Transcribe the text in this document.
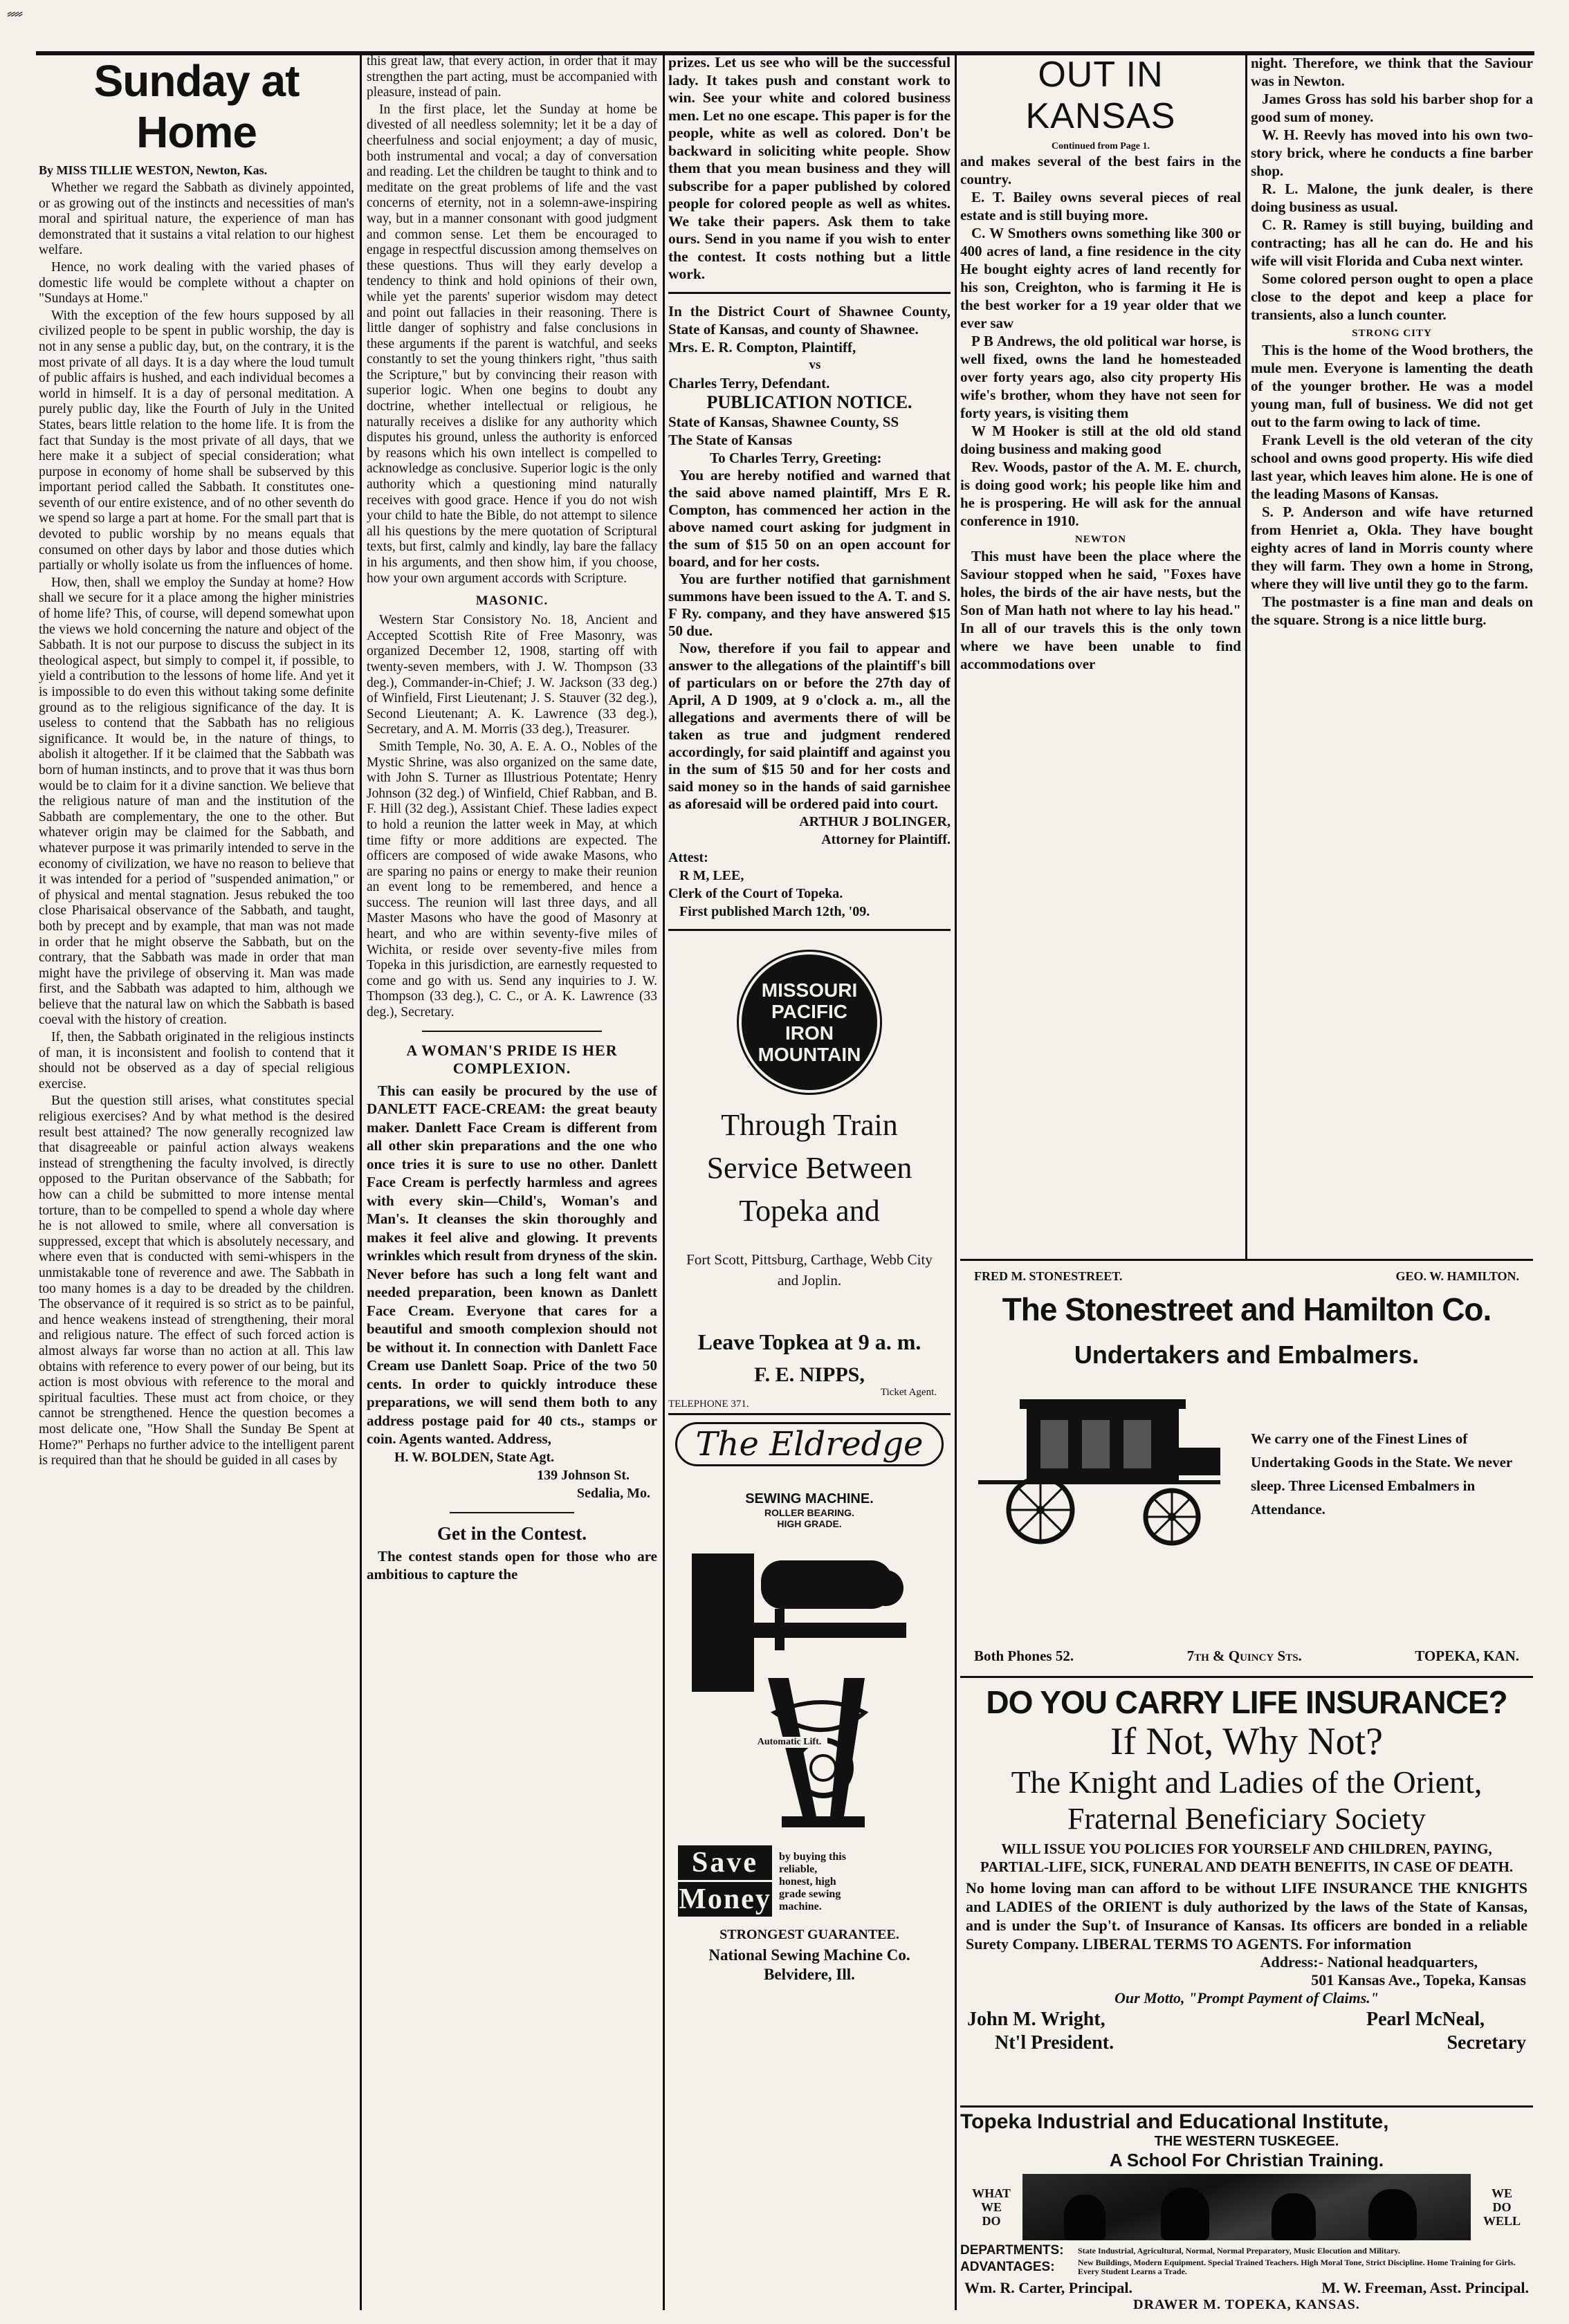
⸗⸗⸗⸗
Sunday at Home
By MISS TILLIE WESTON, Newton, Kas.

Whether we regard the Sabbath as divinely appointed, or as growing out of the instincts and necessities of man's moral and spiritual nature, the experience of man has demonstrated that it sustains a vital relation to our highest welfare.

Hence, no work dealing with the varied phases of domestic life would be complete without a chapter on "Sundays at Home."

With the exception of the few hours supposed by all civilized people to be spent in public worship, the day is not in any sense a public day, but, on the contrary, it is the most private of all days. It is a day where the loud tumult of public affairs is hushed, and each individual becomes a world in himself. It is a day of personal meditation. A purely public day, like the Fourth of July in the United States, bears little relation to the home life. It is from the fact that Sunday is the most private of all days, that we here make it a subject of special consideration; what purpose in economy of home shall be subserved by this important period called the Sabbath. It constitutes one-seventh of our entire existence, and of no other seventh do we spend so large a part at home. For the small part that is devoted to public worship by no means equals that consumed on other days by labor and those duties which partially or wholly isolate us from the influences of home.

How, then, shall we employ the Sunday at home? How shall we secure for it a place among the higher ministries of home life? This, of course, will depend somewhat upon the views we hold concerning the nature and object of the Sabbath. It is not our purpose to discuss the subject in its theological aspect, but simply to compel it, if possible, to yield a contribution to the lessons of home life. And yet it is impossible to do even this without taking some definite ground as to the religious significance of the day. It is useless to contend that the Sabbath has no religious significance. It would be, in the nature of things, to abolish it altogether. If it be claimed that the Sabbath was born of human instincts, and to prove that it was thus born would be to claim for it a divine sanction. We believe that the religious nature of man and the institution of the Sabbath are complementary, the one to the other. But whatever origin may be claimed for the Sabbath, and whatever purpose it was primarily intended to serve in the economy of civilization, we have no reason to believe that it was intended for a period of "suspended animation," or of physical and mental stagnation. Jesus rebuked the too close Pharisaical observance of the Sabbath, and taught, both by precept and by example, that man was not made in order that he might observe the Sabbath, but on the contrary, that the Sabbath was made in order that man might have the privilege of observing it. Man was made first, and the Sabbath was adapted to him, although we believe that the natural law on which the Sabbath is based coeval with the history of creation.

If, then, the Sabbath originated in the religious instincts of man, it is inconsistent and foolish to contend that it should not be observed as a day of special religious exercise.

But the question still arises, what constitutes special religious exercises? And by what method is the desired result best attained? The now generally recognized law that disagreeable or painful action always weakens instead of strengthening the faculty involved, is directly opposed to the Puritan observance of the Sabbath; for how can a child be submitted to more intense mental torture, than to be compelled to spend a whole day where he is not allowed to smile, where all conversation is suppressed, except that which is absolutely necessary, and where even that is conducted with semi-whispers in the unmistakable tone of reverence and awe. The Sabbath in too many homes is a day to be dreaded by the children. The observance of it required is so strict as to be painful, and hence weakens instead of strengthening, their moral and religious nature. The effect of such forced action is almost always far worse than no action at all. This law obtains with reference to every power of our being, but its action is most obvious with reference to the moral and spiritual faculties. These must act from choice, or they cannot be strengthened. Hence the question becomes a most delicate one, "How Shall the Sunday Be Spent at Home?" Perhaps no further advice to the intelligent parent is required than that he should be guided in all cases by

this great law, that every action, in order that it may strengthen the part acting, must be accompanied with pleasure, instead of pain.

In the first place, let the Sunday at home be divested of all needless solemnity; let it be a day of cheerfulness and social enjoyment; a day of music, both instrumental and vocal; a day of conversation and reading. Let the children be taught to think and to meditate on the great problems of life and the vast concerns of eternity, not in a solemn-awe-inspiring way, but in a manner consonant with good judgment and common sense. Let them be encouraged to engage in respectful discussion among themselves on these questions. Thus will they early develop a tendency to think and hold opinions of their own, while yet the parents' superior wisdom may detect and point out fallacies in their reasoning. There is little danger of sophistry and false conclusions in these arguments if the parent is watchful, and seeks constantly to set the young thinkers right, "thus saith the Scripture," but by convincing their reason with superior logic. When one begins to doubt any doctrine, whether intellectual or religious, he naturally receives a dislike for any authority which disputes his ground, unless the authority is enforced by reasons which his own intellect is compelled to acknowledge as conclusive. Superior logic is the only authority which a questioning mind naturally receives with good grace. Hence if you do not wish your child to hate the Bible, do not attempt to silence all his questions by the mere quotation of Scriptural texts, but first, calmly and kindly, lay bare the fallacy in his arguments, and then show him, if you choose, how your own argument accords with Scripture.

MASONIC.

Western Star Consistory No. 18, Ancient and Accepted Scottish Rite of Free Masonry, was organized December 12, 1908, starting off with twenty-seven members, with J. W. Thompson (33 deg.), Commander-in-Chief; J. W. Jackson (33 deg.) of Winfield, First Lieutenant; J. S. Stauver (32 deg.), Second Lieutenant; A. K. Lawrence (33 deg.), Secretary, and A. M. Morris (33 deg.), Treasurer.

Smith Temple, No. 30, A. E. A. O., Nobles of the Mystic Shrine, was also organized on the same date, with John S. Turner as Illustrious Potentate; Henry Johnson (32 deg.) of Winfield, Chief Rabban, and B. F. Hill (32 deg.), Assistant Chief. These ladies expect to hold a reunion the latter week in May, at which time fifty or more additions are expected. The officers are composed of wide awake Masons, who are sparing no pains or energy to make their reunion an event long to be remembered, and hence a success. The reunion will last three days, and all Master Masons who have the good of Masonry at heart, and who are within seventy-five miles of Wichita, or reside over seventy-five miles from Topeka in this jurisdiction, are earnestly requested to come and go with us. Send any inquiries to J. W. Thompson (33 deg.), C. C., or A. K. Lawrence (33 deg.), Secretary.

A WOMAN'S PRIDE IS HER COMPLEXION.

This can easily be procured by the use of DANLETT FACE-CREAM: the great beauty maker. Danlett Face Cream is different from all other skin preparations and the one who once tries it is sure to use no other. Danlett Face Cream is perfectly harmless and agrees with every skin—Child's, Woman's and Man's. It cleanses the skin thoroughly and makes it feel alive and glowing. It prevents wrinkles which result from dryness of the skin. Never before has such a long felt want and needed preparation, been known as Danlett Face Cream. Everyone that cares for a beautiful and smooth complexion should not be without it. In connection with Danlett Face Cream use Danlett Soap. Price of the two 50 cents. In order to quickly introduce these preparations, we will send them both to any address postage paid for 40 cts., stamps or coin. Agents wanted. Address,

H. W. BOLDEN, State Agt.
139 Johnson St.
Sedalia, Mo.
Get in the Contest.

The contest stands open for those who are ambitious to capture the

prizes. Let us see who will be the successful lady. It takes push and constant work to win. See your white and colored business men. Let no one escape. This paper is for the people, white as well as colored. Don't be backward in soliciting white people. Show them that you mean business and they will subscribe for a paper published by colored people for colored people as well as whites. We take their papers. Ask them to take ours. Send in you name if you wish to enter the contest. It costs nothing but a little work.

In the District Court of Shawnee County, State of Kansas, and county of Shawnee.

Mrs. E. R. Compton, Plaintiff,
vs
Charles Terry, Defendant.
PUBLICATION NOTICE.
State of Kansas, Shawnee County, SS
The State of Kansas
To Charles Terry, Greeting:

You are hereby notified and warned that the said above named plaintiff, Mrs E R. Compton, has commenced her action in the above named court asking for judgment in the sum of $15 50 on an open account for board, and for her costs.

You are further notified that garnishment summons have been issued to the A. T. and S. F Ry. company, and they have answered $15 50 due.

Now, therefore if you fail to appear and answer to the allegations of the plaintiff's bill of particulars on or before the 27th day of April, A D 1909, at 9 o'clock a. m., all the allegations and averments there of will be taken as true and judgment rendered accordingly, for said plaintiff and against you in the sum of $15 50 and for her costs and said money so in the hands of said garnishee as aforesaid will be ordered paid into court.

ARTHUR J BOLINGER,
Attorney for Plaintiff.
Attest:
R M, LEE,
Clerk of the Court of Topeka.
First published March 12th, '09.
MISSOURI
PACIFIC
IRON
MOUNTAIN
Through Train Service Between Topeka and
Fort Scott, Pittsburg, Carthage, Webb City and Joplin.
Leave Topkea at 9 a. m.
F. E. NIPPS,
Ticket Agent.
TELEPHONE 371.
The Eldredge
SEWING MACHINE.
ROLLER BEARING.
HIGH GRADE.
Automatic Lift.
Save
Money
by buying this reliable, honest, high grade sewing machine.
STRONGEST GUARANTEE.
National Sewing Machine Co.
Belvidere, Ill.
OUT IN KANSAS
Continued from Page 1.

and makes several of the best fairs in the country.

E. T. Bailey owns several pieces of real estate and is still buying more.

C. W Smothers owns something like 300 or 400 acres of land, a fine residence in the city He bought eighty acres of land recently for his son, Creighton, who is farming it He is the best worker for a 19 year older that we ever saw

P B Andrews, the old political war horse, is well fixed, owns the land he homesteaded over forty years ago, also city property His wife's brother, whom they have not seen for forty years, is visiting them

W M Hooker is still at the old old stand doing business and making good

Rev. Woods, pastor of the A. M. E. church, is doing good work; his people like him and he is prospering. He will ask for the annual conference in 1910.

NEWTON

This must have been the place where the Saviour stopped when he said, "Foxes have holes, the birds of the air have nests, but the Son of Man hath not where to lay his head." In all of our travels this is the only town where we have been unable to find accommodations over

night. Therefore, we think that the Saviour was in Newton.

James Gross has sold his barber shop for a good sum of money.

W. H. Reevly has moved into his own two-story brick, where he conducts a fine barber shop.

R. L. Malone, the junk dealer, is there doing business as usual.

C. R. Ramey is still buying, building and contracting; has all he can do. He and his wife will visit Florida and Cuba next winter.

Some colored person ought to open a place close to the depot and keep a place for transients, also a lunch counter.

STRONG CITY

This is the home of the Wood brothers, the mule men. Everyone is lamenting the death of the younger brother. He was a model young man, full of business. We did not get out to the farm owing to lack of time.

Frank Levell is the old veteran of the city school and owns good property. His wife died last year, which leaves him alone. He is one of the leading Masons of Kansas.

S. P. Anderson and wife have returned from Henriet a, Okla. They have bought eighty acres of land in Morris county where they will farm. They own a home in Strong, where they will live until they go to the farm.

The postmaster is a fine man and deals on the square. Strong is a nice little burg.

FRED M. STONESTREET.	GEO. W. HAMILTON.
The Stonestreet and Hamilton Co.
Undertakers and Embalmers.
We carry one of the Finest Lines of Undertaking Goods in the State. We never sleep. Three Licensed Embalmers in Attendance.
Both Phones 52.	7th & Quincy Sts.	TOPEKA, KAN.
DO YOU CARRY LIFE INSURANCE?
If Not, Why Not?
The Knight and Ladies of the Orient,
Fraternal Beneficiary Society
WILL ISSUE YOU POLICIES FOR YOURSELF AND CHILDREN, PAYING, PARTIAL-LIFE, SICK, FUNERAL AND DEATH BENEFITS, IN CASE OF DEATH.
No home loving man can afford to be without LIFE INSURANCE THE KNIGHTS and LADIES of the ORIENT is duly authorized by the laws of the State of Kansas, and is under the Sup't. of Insurance of Kansas. Its officers are bonded in a reliable Surety Company. LIBERAL TERMS TO AGENTS. For information
Address:- National headquarters,
501 Kansas Ave., Topeka, Kansas
Our Motto, "Prompt Payment of Claims."
John M. Wright,	Pearl McNeal,
Nt'l President.	Secretary
Topeka Industrial and Educational Institute,
THE WESTERN TUSKEGEE.
A School For Christian Training.
WHAT
WE
DO
WE
DO
WELL
DEPARTMENTS:	State Industrial, Agricultural, Normal, Normal Preparatory, Music Elocution and Military.
ADVANTAGES:	New Buildings, Modern Equipment. Special Trained Teachers. High Moral Tone, Strict Discipline. Home Training for Girls. Every Student Learns a Trade.
Wm. R. Carter, Principal.	M. W. Freeman, Asst. Principal.
DRAWER M. TOPEKA, KANSAS.
